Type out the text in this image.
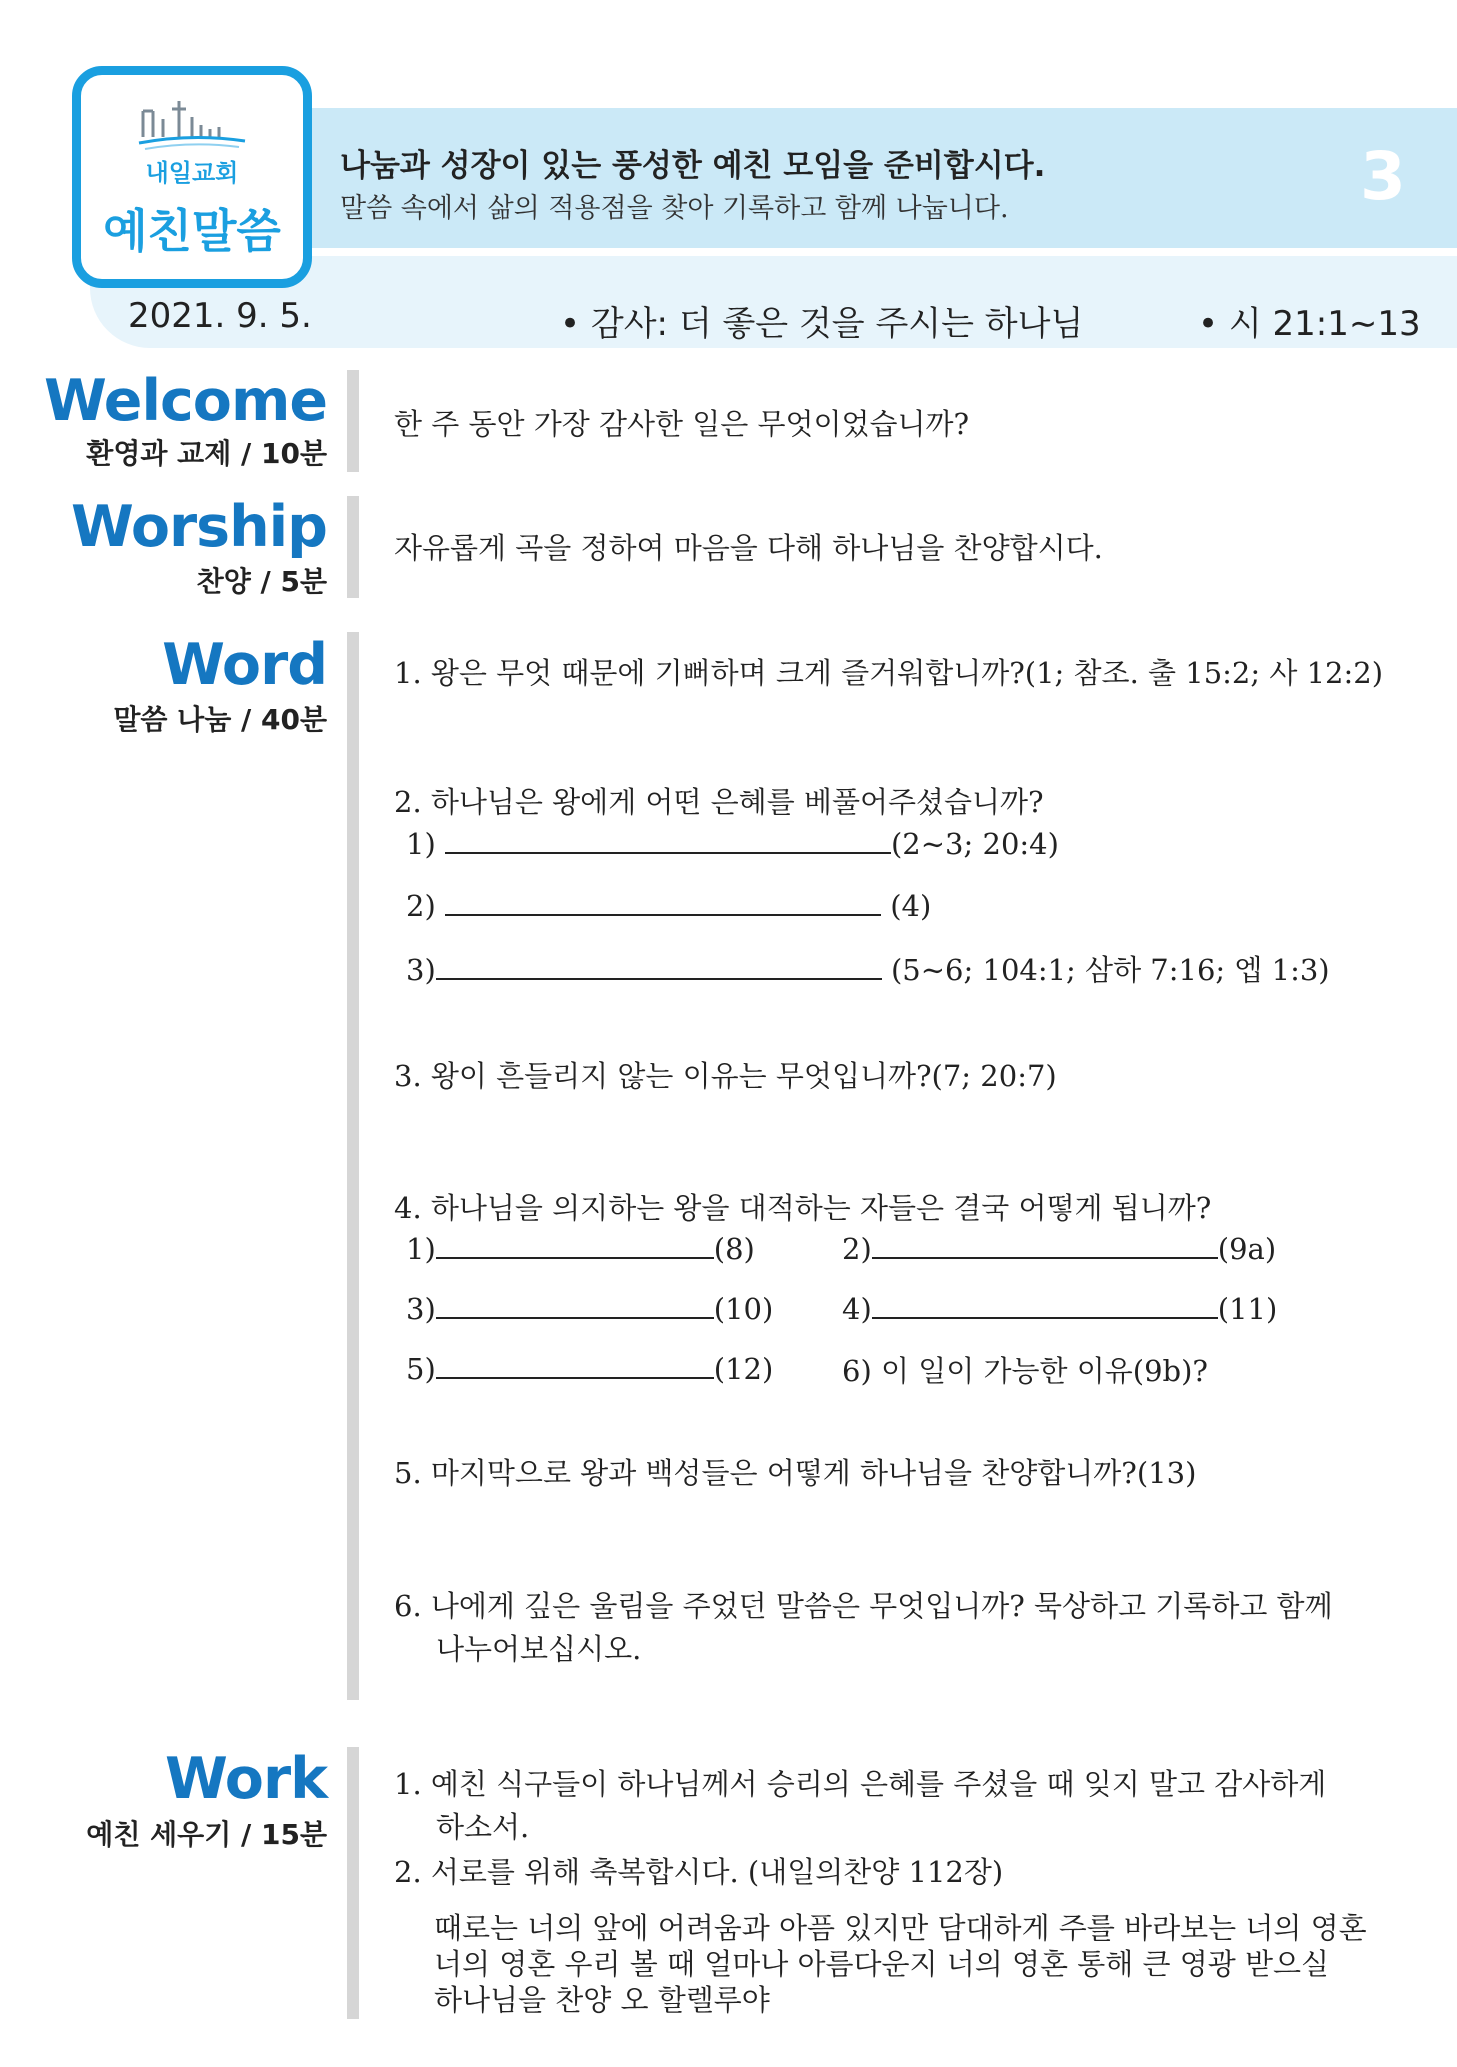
내일교회
예친말씀
나눔과 성장이 있는 풍성한 예친 모임을 준비합시다.
말씀 속에서 삶의 적용점을 찾아 기록하고 함께 나눕니다.	3
2021. 9. 5.	• 감사: 더 좋은 것을 주시는 하나님	• 시 21:1∼13
Welcome
환영과 교제 / 10분
한 주 동안 가장 감사한 일은 무엇이었습니까?
Worship
찬양 / 5분
자유롭게 곡을 정하여 마음을 다해 하나님을 찬양합시다.
Word
말씀 나눔 / 40분
1. 왕은 무엇 때문에 기뻐하며 크게 즐거워합니까?(1; 참조. 출 15:2; 사 12:2)
2. 하나님은 왕에게 어떤 은혜를 베풀어주셨습니까?
1)	(2∼3; 20:4)
2)	(4)
3)	(5∼6; 104:1; 삼하 7:16; 엡 1:3)
3. 왕이 흔들리지 않는 이유는 무엇입니까?(7; 20:7)
4. 하나님을 의지하는 왕을 대적하는 자들은 결국 어떻게 됩니까?
1)	(8)	2)	(9a)
3)	(10) 4)	(11)
5)	(12) 6) 이 일이 가능한 이유(9b)?
5. 마지막으로 왕과 백성들은 어떻게 하나님을 찬양합니까?(13)
6. 나에게 깊은 울림을 주었던 말씀은 무엇입니까? 묵상하고 기록하고 함께
나누어보십시오.
Work
예친 세우기 / 15분
1. 예친 식구들이 하나님께서 승리의 은혜를 주셨을 때 잊지 말고 감사하게
하소서.
2. 서로를 위해 축복합시다. (내일의찬양 112장)
때로는 너의 앞에 어려움과 아픔 있지만 담대하게 주를 바라보는 너의 영혼
너의 영혼 우리 볼 때 얼마나 아름다운지 너의 영혼 통해 큰 영광 받으실
하나님을 찬양 오 할렐루야
